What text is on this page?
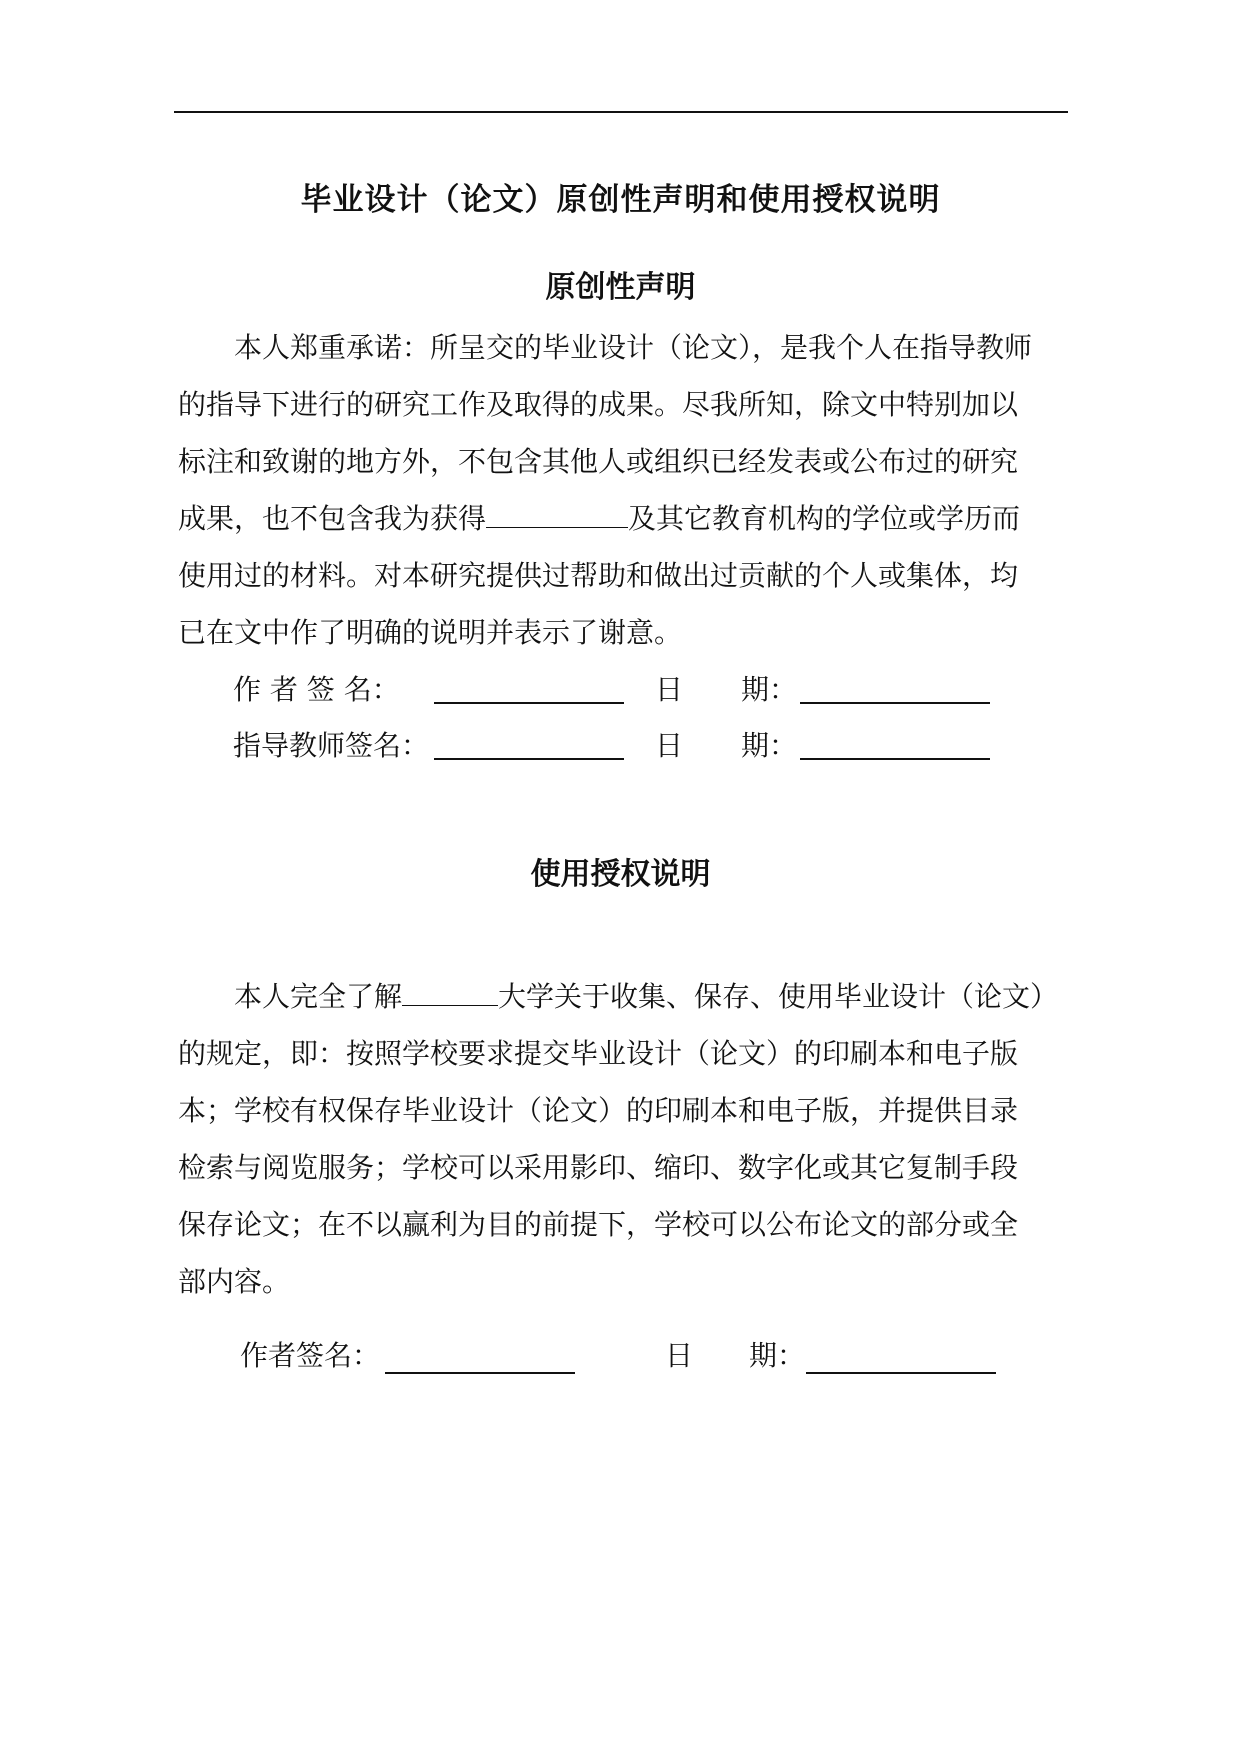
毕业设计（论文）原创性声明和使用授权说明
原创性声明

本人郑重承诺：所呈交的毕业设计（论文），是我个人在指导教师

的指导下进行的研究工作及取得的成果。尽我所知，除文中特别加以

标注和致谢的地方外，不包含其他人或组织已经发表或公布过的研究

成果，也不包含我为获得	及其它教育机构的学位或学历而

使用过的材料。对本研究提供过帮助和做出过贡献的个人或集体，均

已在文中作了明确的说明并表示了谢意。

作 者 签 名：	日 期：
指导教师签名：	日 期：
使用授权说明

本人完全了解	大学关于收集、保存、使用毕业设计（论文）

的规定，即：按照学校要求提交毕业设计（论文）的印刷本和电子版

本；学校有权保存毕业设计（论文）的印刷本和电子版，并提供目录

检索与阅览服务；学校可以采用影印、缩印、数字化或其它复制手段

保存论文；在不以赢利为目的前提下，学校可以公布论文的部分或全

部内容。

作者签名：	日 期：
